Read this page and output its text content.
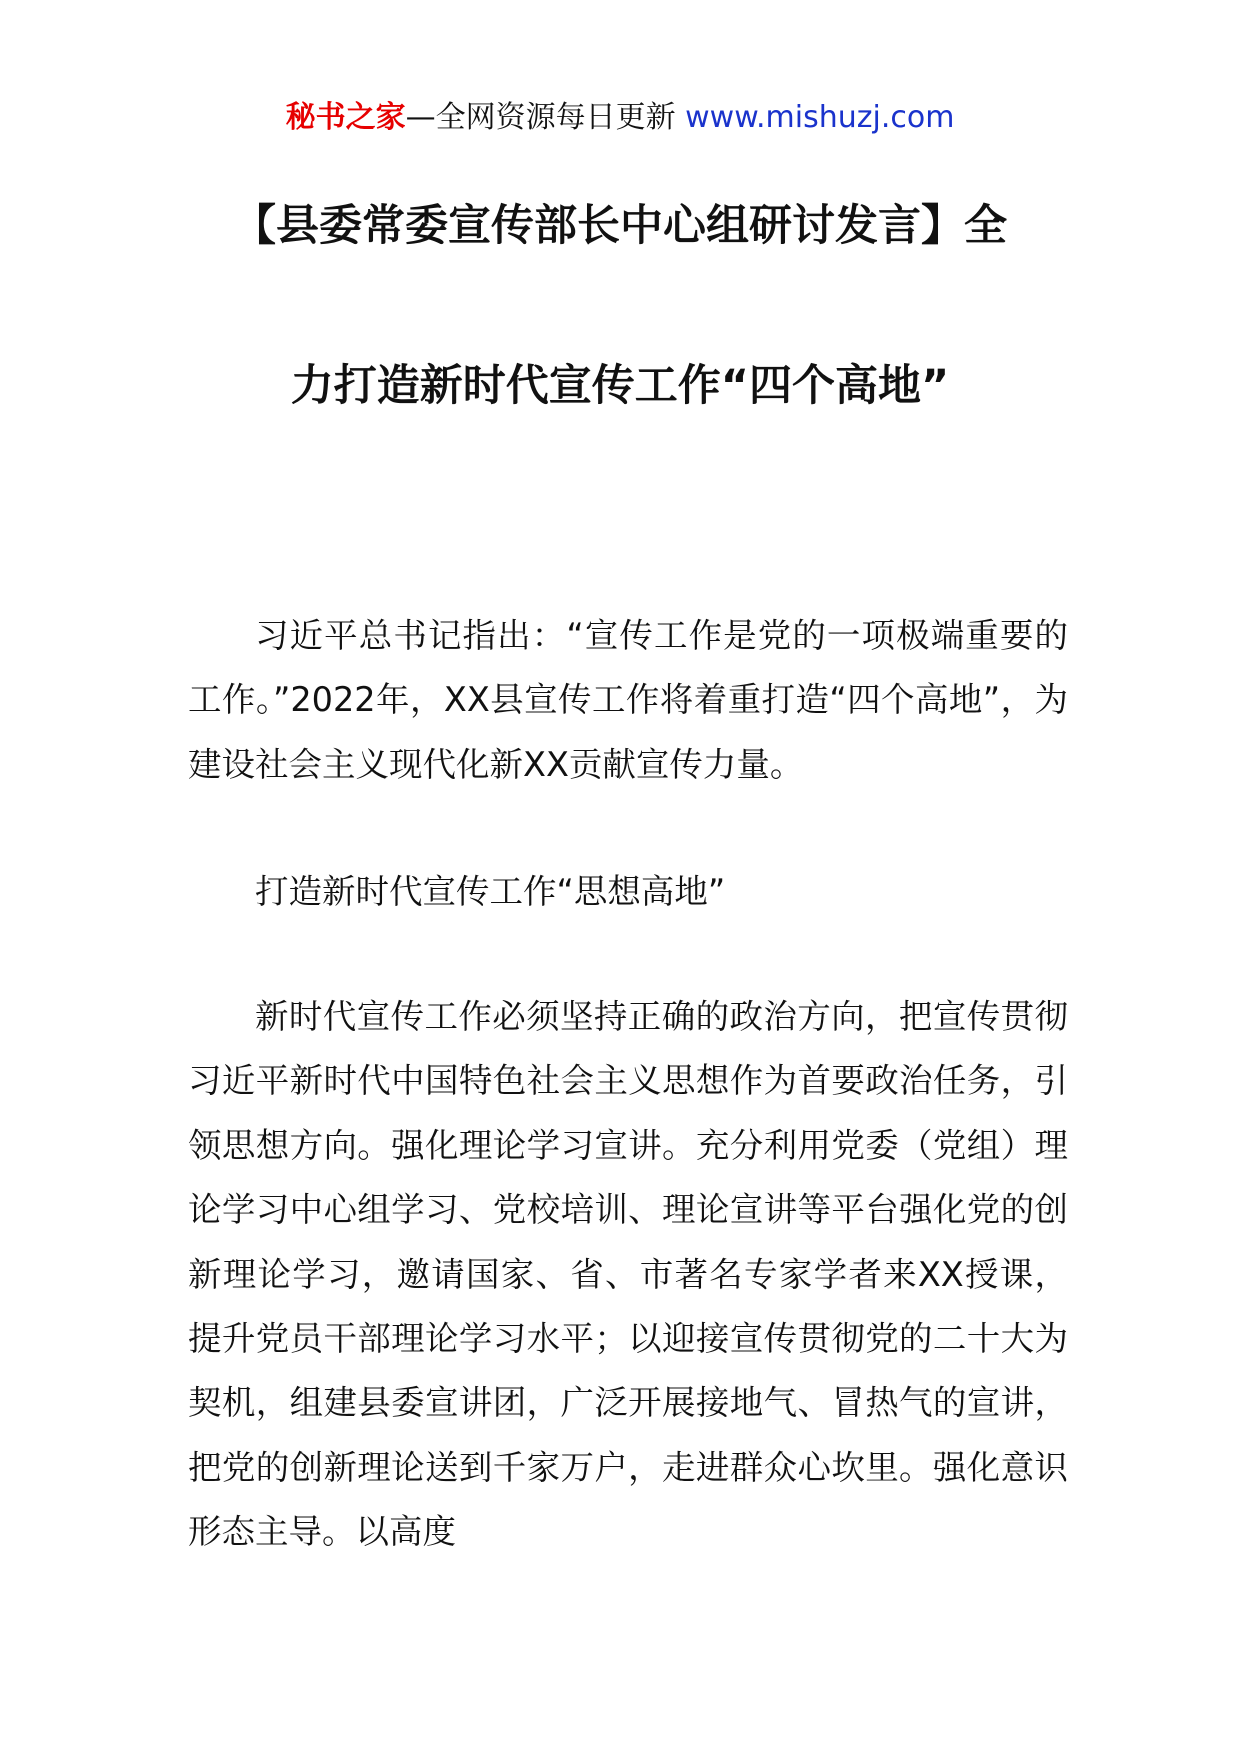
秘书之家—全网资源每日更新 www.mishuzj.com
【县委常委宣传部长中心组研讨发言】全
力打造新时代宣传工作“四个高地”

习近平总书记指出：“宣传工作是党的一项极端重要的工作。”2022年，XX县宣传工作将着重打造“四个高地”，为建设社会主义现代化新XX贡献宣传力量。

打造新时代宣传工作“思想高地”

新时代宣传工作必须坚持正确的政治方向，把宣传贯彻习近平新时代中国特色社会主义思想作为首要政治任务，引领思想方向。强化理论学习宣讲。充分利用党委（党组）理论学习中心组学习、党校培训、理论宣讲等平台强化党的创新理论学习，邀请国家、省、市著名专家学者来XX授课，提升党员干部理论学习水平；以迎接宣传贯彻党的二十大为契机，组建县委宣讲团，广泛开展接地气、冒热气的宣讲，把党的创新理论送到千家万户，走进群众心坎里。强化意识形态主导。以高度
